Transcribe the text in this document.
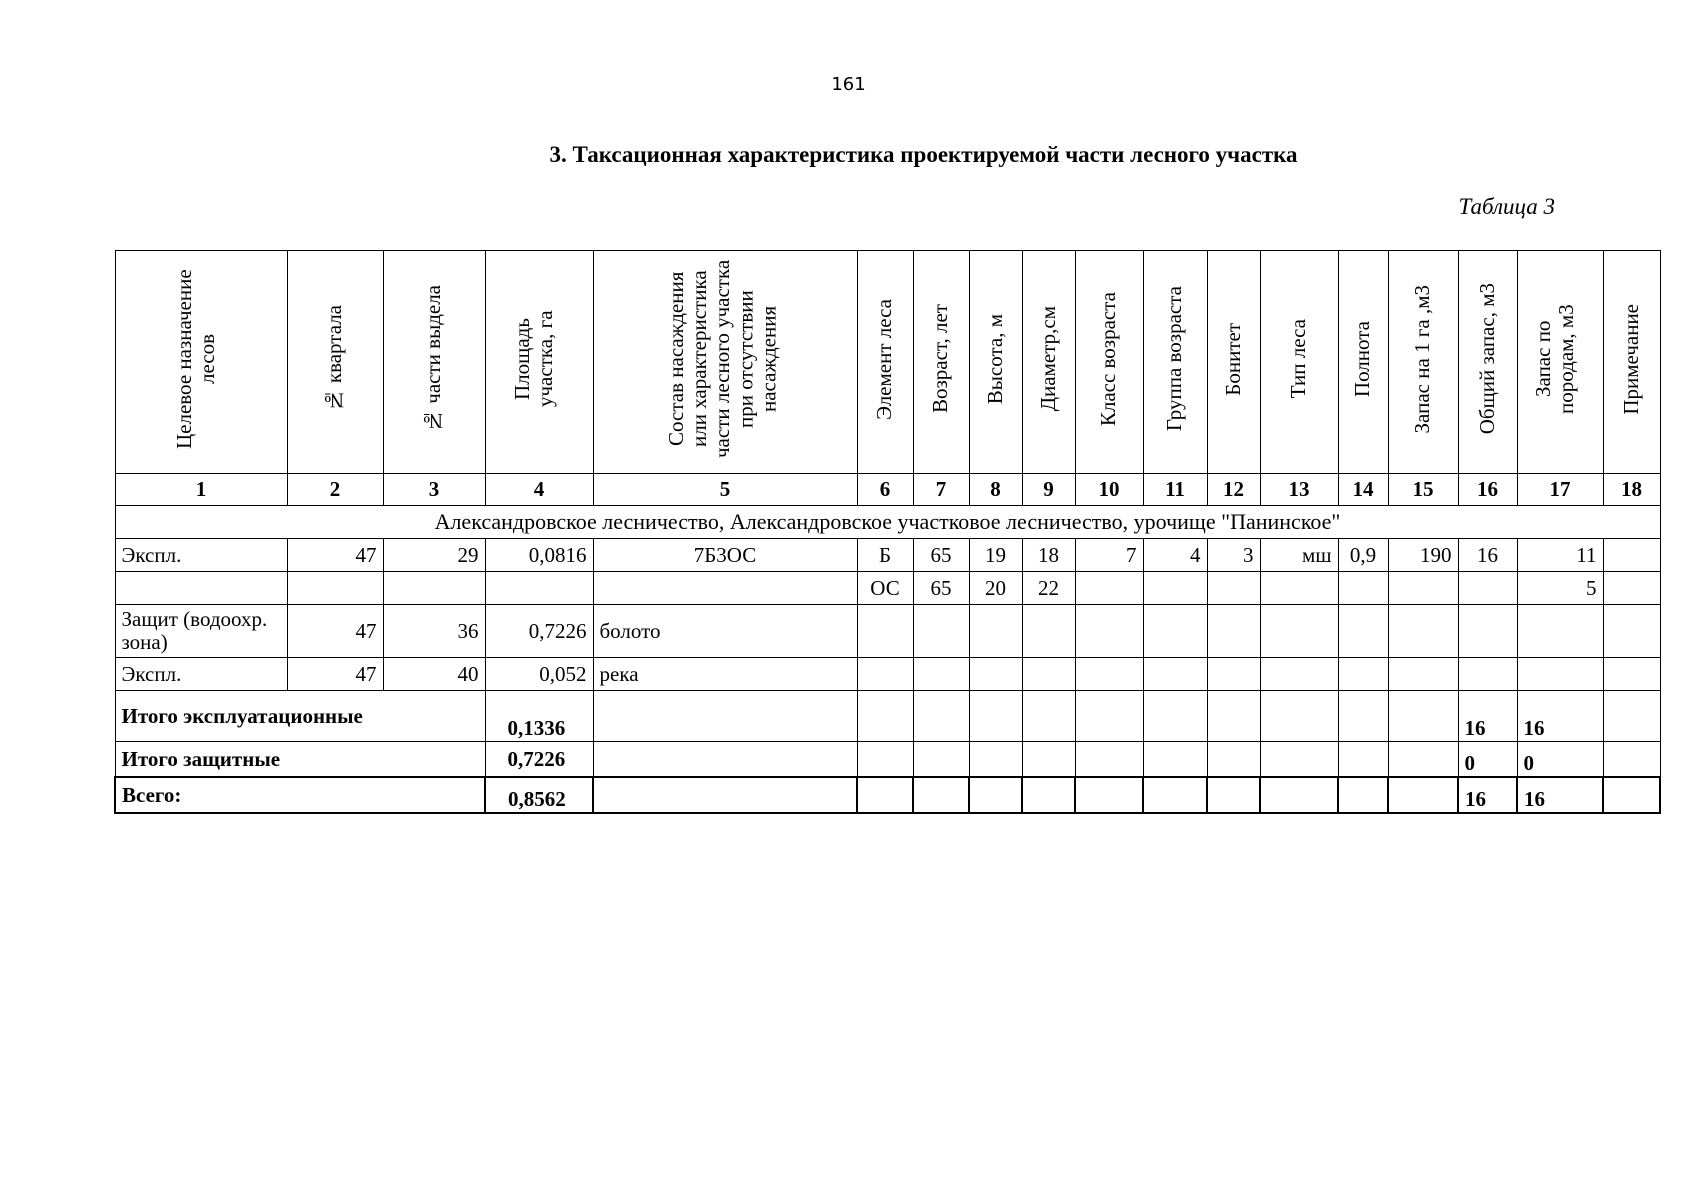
161
3. Таксационная характеристика проектируемой части лесного участка
Таблица 3
Целевое назначение лесов	№ квартала	№ части выдела	Площадь участка, га	Состав насаждения или характеристика части лесного участка при отсутствии насаждения	Элемент леса	Возраст, лет	Высота, м	Диаметр,см	Класс возраста	Группа возраста	Бонитет	Тип леса	Полнота	Запас на 1 га ,м3	Общий запас, м3	Запас по породам, м3	Примечание
1	2	3	4	5	6	7	8	9	10	11	12	13	14	15	16	17	18
Александровское лесничество, Александровское участковое лесничество, урочище "Панинское"																	
Экспл.	47	29	0,0816	7Б3ОС	Б	65	19	18	7	4	3	мш	0,9	190	16	11	
					ОС	65	20	22								5	
Защит (водоохр. зона)	47	36	0,7226	болото													
Экспл.	47	40	0,052	река													
Итого эксплуатационные			0,1336												16	16	
Итого защитные			0,7226												0	0	
Всего:			0,8562												16	16	
